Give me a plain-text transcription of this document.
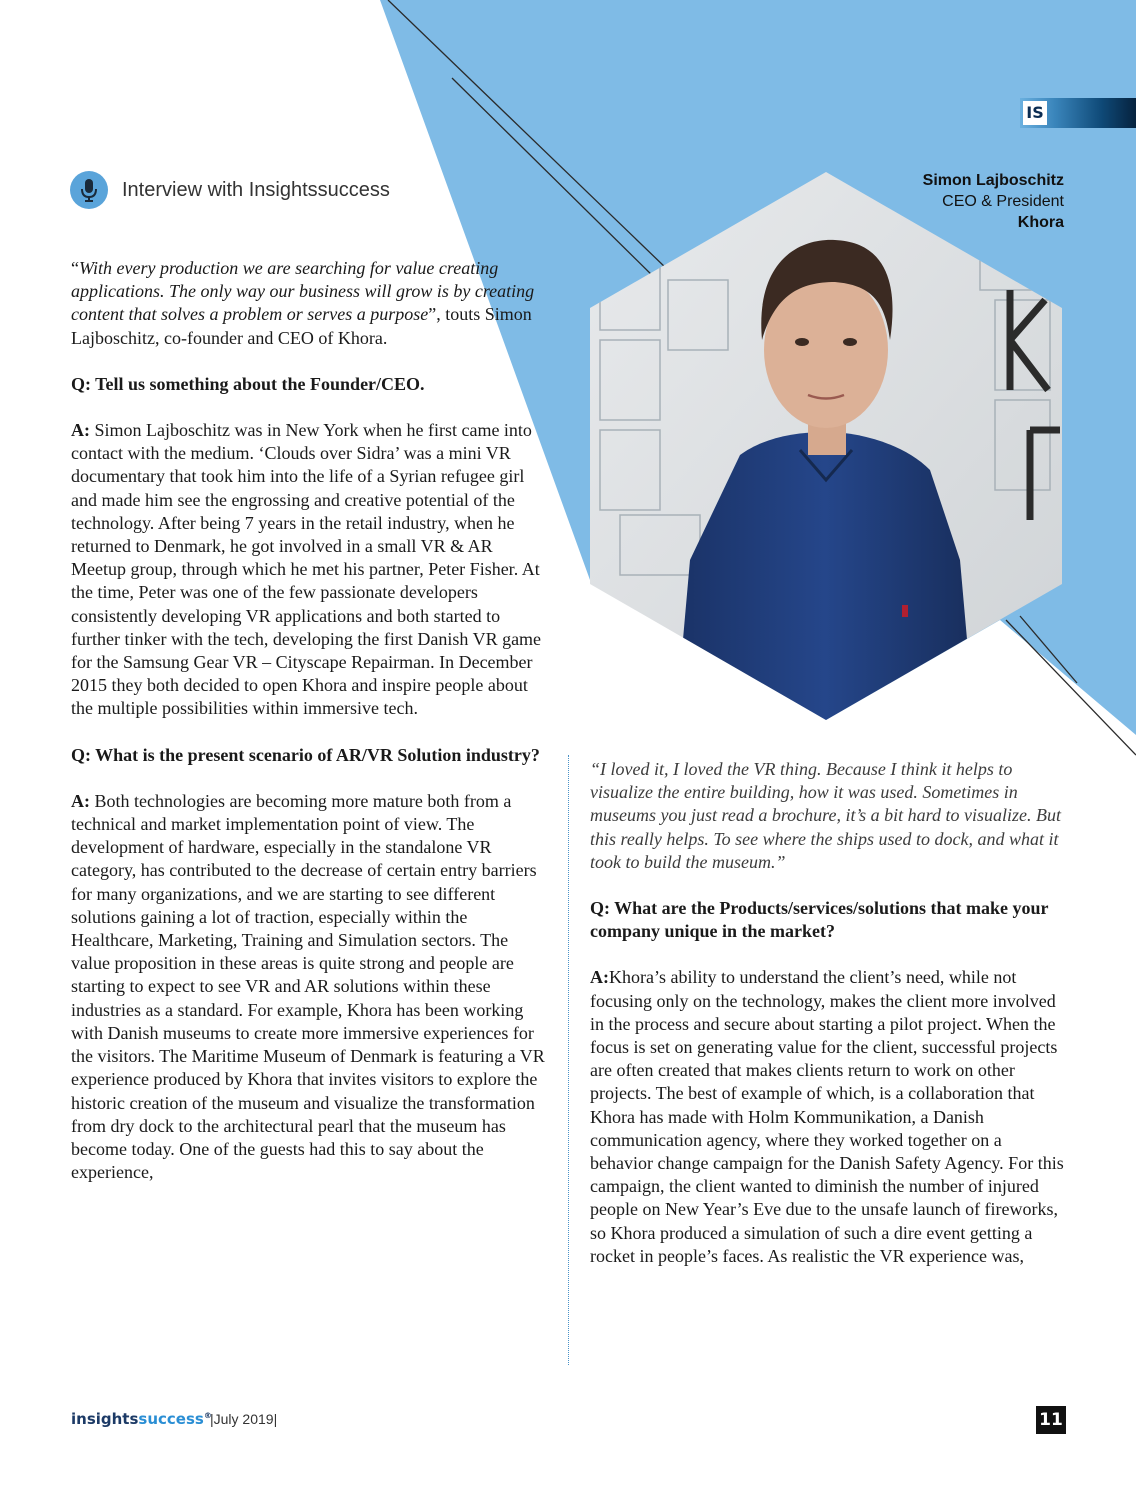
IS
Interview with Insightssuccess	Simon Lajboschitz
CEO & President
Khora

“With every production we are searching for value creating applications. The only way our business will grow is by creating content that solves a problem or serves a purpose”, touts Simon Lajboschitz, co-founder and CEO of Khora.

Q: Tell us something about the Founder/CEO.

A: Simon Lajboschitz was in New York when he first came into contact with the medium. ‘Clouds over Sidra’ was a mini VR documentary that took him into the life of a Syrian refugee girl and made him see the engrossing and creative potential of the technology. After being 7 years in the retail industry, when he returned to Denmark, he got involved in a small VR & AR Meetup group, through which he met his partner, Peter Fisher. At the time, Peter was one of the few passionate developers consistently developing VR applications and both started to further tinker with the tech, developing the first Danish VR game for the Samsung Gear VR – Cityscape Repairman. In December 2015 they both decided to open Khora and inspire people about the multiple possibilities within immersive tech.

Q: What is the present scenario of AR/VR Solution industry?

A: Both technologies are becoming more mature both from a technical and market implementation point of view. The development of hardware, especially in the standalone VR category, has contributed to the decrease of certain entry barriers for many organizations, and we are starting to see different solutions gaining a lot of traction, especially within the Healthcare, Marketing, Training and Simulation sectors. The value proposition in these areas is quite strong and people are starting to expect to see VR and AR solutions within these industries as a standard. For example, Khora has been working with Danish museums to create more immersive experiences for the visitors. The Maritime Museum of Denmark is featuring a VR experience produced by Khora that invites visitors to explore the historic creation of the museum and visualize the transformation from dry dock to the architectural pearl that the museum has become today. One of the guests had this to say about the experience,

“I loved it, I loved the VR thing. Because I think it helps to visualize the entire building, how it was used. Sometimes in museums you just read a brochure, it’s a bit hard to visualize. But this really helps. To see where the ships used to dock, and what it took to build the museum.”

Q: What are the Products/services/solutions that make your company unique in the market?

A:Khora’s ability to understand the client’s need, while not focusing only on the technology, makes the client more involved in the process and secure about starting a pilot project. When the focus is set on generating value for the client, successful projects are often created that makes clients return to work on other projects. The best of example of which, is a collaboration that Khora has made with Holm Kommunikation, a Danish communication agency, where they worked together on a behavior change campaign for the Danish Safety Agency. For this campaign, the client wanted to diminish the number of injured people on New Year’s Eve due to the unsafe launch of fireworks, so Khora produced a simulation of such a dire event getting a rocket in people’s faces. As realistic the VR experience was,

insightssuccess®
|July 2019|	11
